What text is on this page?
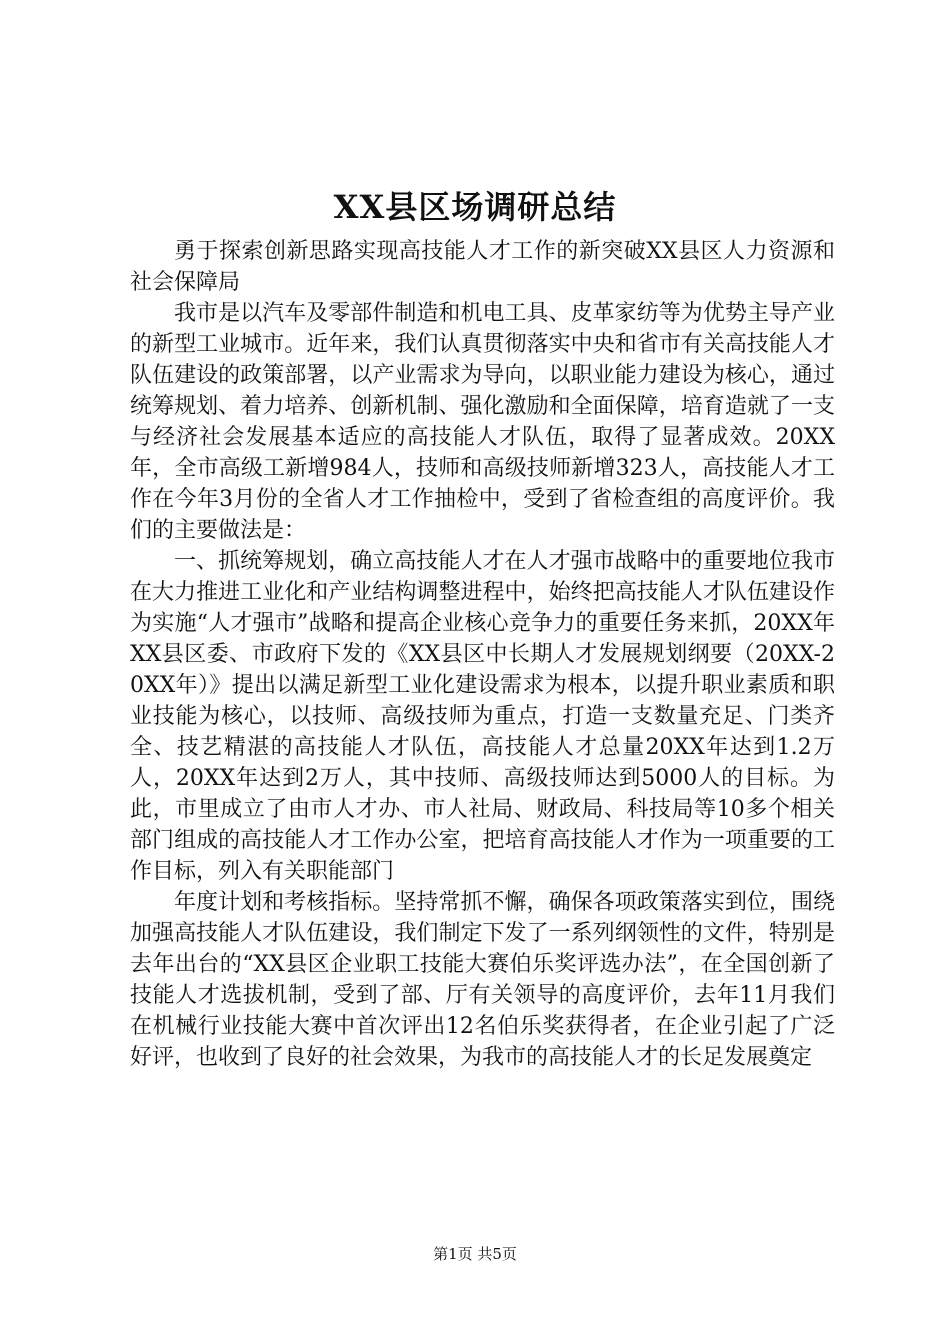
XX县区场调研总结

勇于探索创新思路实现高技能人才工作的新突破XX县区人力资源和社会保障局

我市是以汽车及零部件制造和机电工具、皮革家纺等为优势主导产业的新型工业城市。近年来，我们认真贯彻落实中央和省市有关高技能人才队伍建设的政策部署，以产业需求为导向，以职业能力建设为核心，通过统筹规划、着力培养、创新机制、强化激励和全面保障，培育造就了一支与经济社会发展基本适应的高技能人才队伍，取得了显著成效。20XX年，全市高级工新增984人，技师和高级技师新增323人，高技能人才工作在今年3月份的全省人才工作抽检中，受到了省检查组的高度评价。我们的主要做法是：

一、抓统筹规划，确立高技能人才在人才强市战略中的重要地位我市在大力推进工业化和产业结构调整进程中，始终把高技能人才队伍建设作为实施“人才强市”战略和提高企业核心竞争力的重要任务来抓，20XX年XX县区委、市政府下发的《XX县区中长期人才发展规划纲要（20XX-20XX年）》提出以满足新型工业化建设需求为根本，以提升职业素质和职业技能为核心，以技师、高级技师为重点，打造一支数量充足、门类齐全、技艺精湛的高技能人才队伍，高技能人才总量20XX年达到1.2万人，20XX年达到2万人，其中技师、高级技师达到5000人的目标。为此，市里成立了由市人才办、市人社局、财政局、科技局等10多个相关部门组成的高技能人才工作办公室，把培育高技能人才作为一项重要的工作目标，列入有关职能部门

年度计划和考核指标。坚持常抓不懈，确保各项政策落实到位，围绕加强高技能人才队伍建设，我们制定下发了一系列纲领性的文件，特别是去年出台的“XX县区企业职工技能大赛伯乐奖评选办法”，在全国创新了技能人才选拔机制，受到了部、厅有关领导的高度评价，去年11月我们在机械行业技能大赛中首次评出12名伯乐奖获得者，在企业引起了广泛好评，也收到了良好的社会效果，为我市的高技能人才的长足发展奠定

第1页 共5页
